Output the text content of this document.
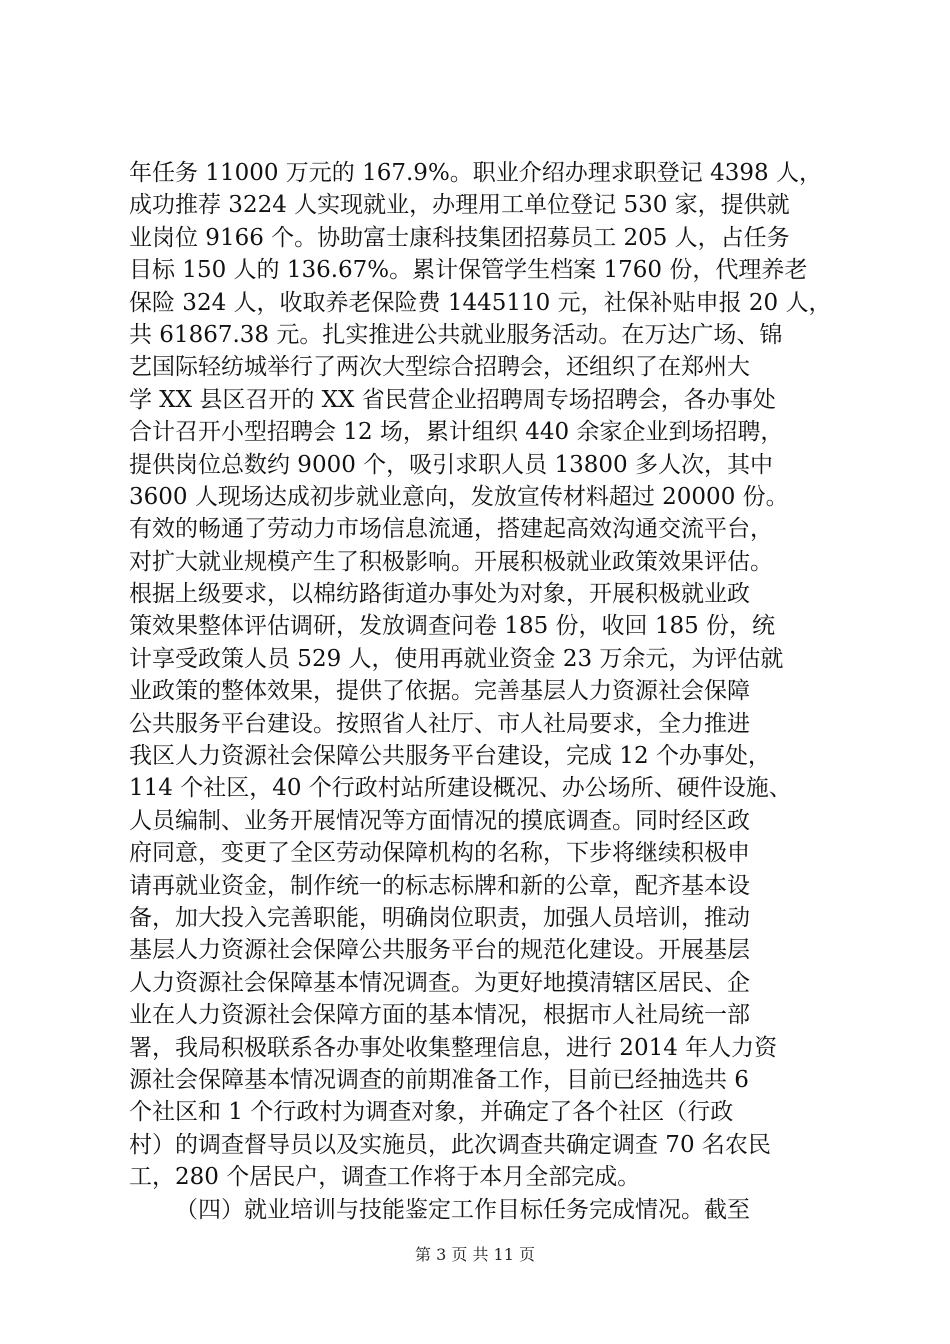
年任务 11000 万元的 167.9%。职业介绍办理求职登记 4398 人，
成功推荐 3224 人实现就业，办理用工单位登记 530 家，提供就
业岗位 9166 个。协助富士康科技集团招募员工 205 人，占任务
目标 150 人的 136.67%。累计保管学生档案 1760 份，代理养老
保险 324 人，收取养老保险费 1445110 元，社保补贴申报 20 人，
共 61867.38 元。扎实推进公共就业服务活动。在万达广场、锦
艺国际轻纺城举行了两次大型综合招聘会，还组织了在郑州大
学 XX 县区召开的 XX 省民营企业招聘周专场招聘会，各办事处
合计召开小型招聘会 12 场，累计组织 440 余家企业到场招聘，
提供岗位总数约 9000 个，吸引求职人员 13800 多人次，其中
3600 人现场达成初步就业意向，发放宣传材料超过 20000 份。
有效的畅通了劳动力市场信息流通，搭建起高效沟通交流平台，
对扩大就业规模产生了积极影响。开展积极就业政策效果评估。
根据上级要求，以棉纺路街道办事处为对象，开展积极就业政
策效果整体评估调研，发放调查问卷 185 份，收回 185 份，统
计享受政策人员 529 人，使用再就业资金 23 万余元，为评估就
业政策的整体效果，提供了依据。完善基层人力资源社会保障
公共服务平台建设。按照省人社厅、市人社局要求，全力推进
我区人力资源社会保障公共服务平台建设，完成 12 个办事处，
114 个社区，40 个行政村站所建设概况、办公场所、硬件设施、
人员编制、业务开展情况等方面情况的摸底调查。同时经区政
府同意，变更了全区劳动保障机构的名称，下步将继续积极申
请再就业资金，制作统一的标志标牌和新的公章，配齐基本设
备，加大投入完善职能，明确岗位职责，加强人员培训，推动
基层人力资源社会保障公共服务平台的规范化建设。开展基层
人力资源社会保障基本情况调查。为更好地摸清辖区居民、企
业在人力资源社会保障方面的基本情况，根据市人社局统一部
署，我局积极联系各办事处收集整理信息，进行 2014 年人力资
源社会保障基本情况调查的前期准备工作，目前已经抽选共 6
个社区和 1 个行政村为调查对象，并确定了各个社区（行政
村）的调查督导员以及实施员，此次调查共确定调查 70 名农民
工，280 个居民户，调查工作将于本月全部完成。
（四）就业培训与技能鉴定工作目标任务完成情况。截至
第 3 页 共 11 页
